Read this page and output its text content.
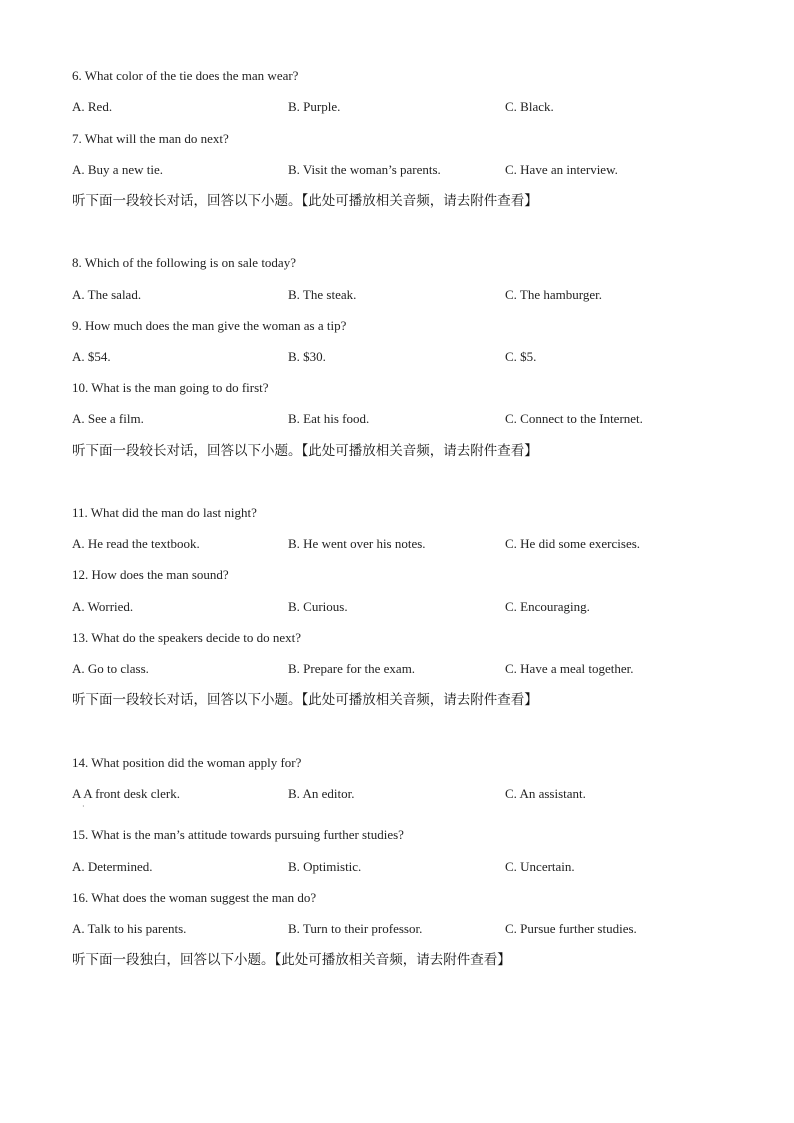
6. What color of the tie does the man wear?
A. Red.	B. Purple.	C. Black.
7. What will the man do next?
A. Buy a new tie.	B. Visit the woman’s parents.	C. Have an interview.
听下面一段较长对话，回答以下小题。【此处可播放相关音频，请去附件查看】
8. Which of the following is on sale today?
A. The salad.	B. The steak.	C. The hamburger.
9. How much does the man give the woman as a tip?
A. $54.	B. $30.	C. $5.
10. What is the man going to do first?
A. See a film.	B. Eat his food.	C. Connect to the Internet.
听下面一段较长对话，回答以下小题。【此处可播放相关音频，请去附件查看】
11. What did the man do last night?
A. He read the textbook.	B. He went over his notes.	C. He did some exercises.
12. How does the man sound?
A. Worried.	B. Curious.	C. Encouraging.
13. What do the speakers decide to do next?
A. Go to class.	B. Prepare for the exam.	C. Have a meal together.
听下面一段较长对话，回答以下小题。【此处可播放相关音频，请去附件查看】
14. What position did the woman apply for?
A A front desk clerk.	B. An editor.	C. An assistant.
15. What is the man’s attitude towards pursuing further studies?
A. Determined.	B. Optimistic.	C. Uncertain.
16. What does the woman suggest the man do?
A. Talk to his parents.	B. Turn to their professor.	C. Pursue further studies.
听下面一段独白，回答以下小题。【此处可播放相关音频，请去附件查看】
·
